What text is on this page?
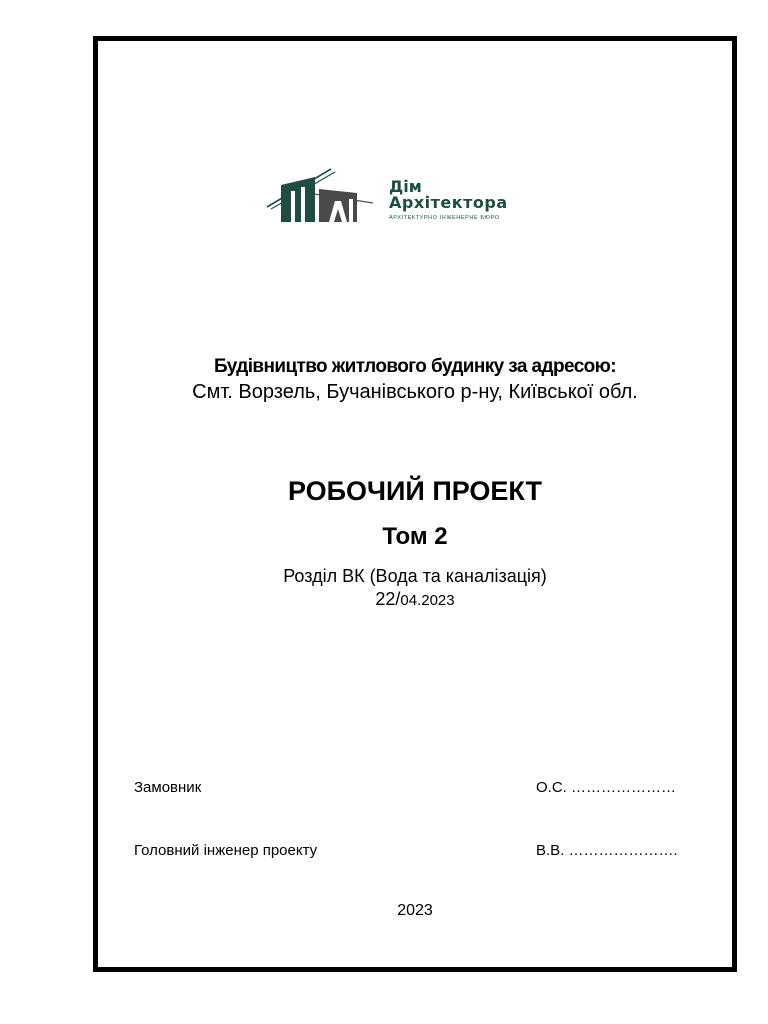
Дім
Архітектора
АРХІТЕКТУРНО ІНЖЕНЕРНЕ БЮРО
Будівництво житлового будинку за адресою:
Смт. Ворзель, Бучанівського р-ну, Київської обл.
РОБОЧИЙ ПРОЕКТ
Том 2
Розділ ВК (Вода та каналізація)
22/04.2023
Замовник	О.С. …………………
Головний інженер проекту	В.В. ………………….
2023
